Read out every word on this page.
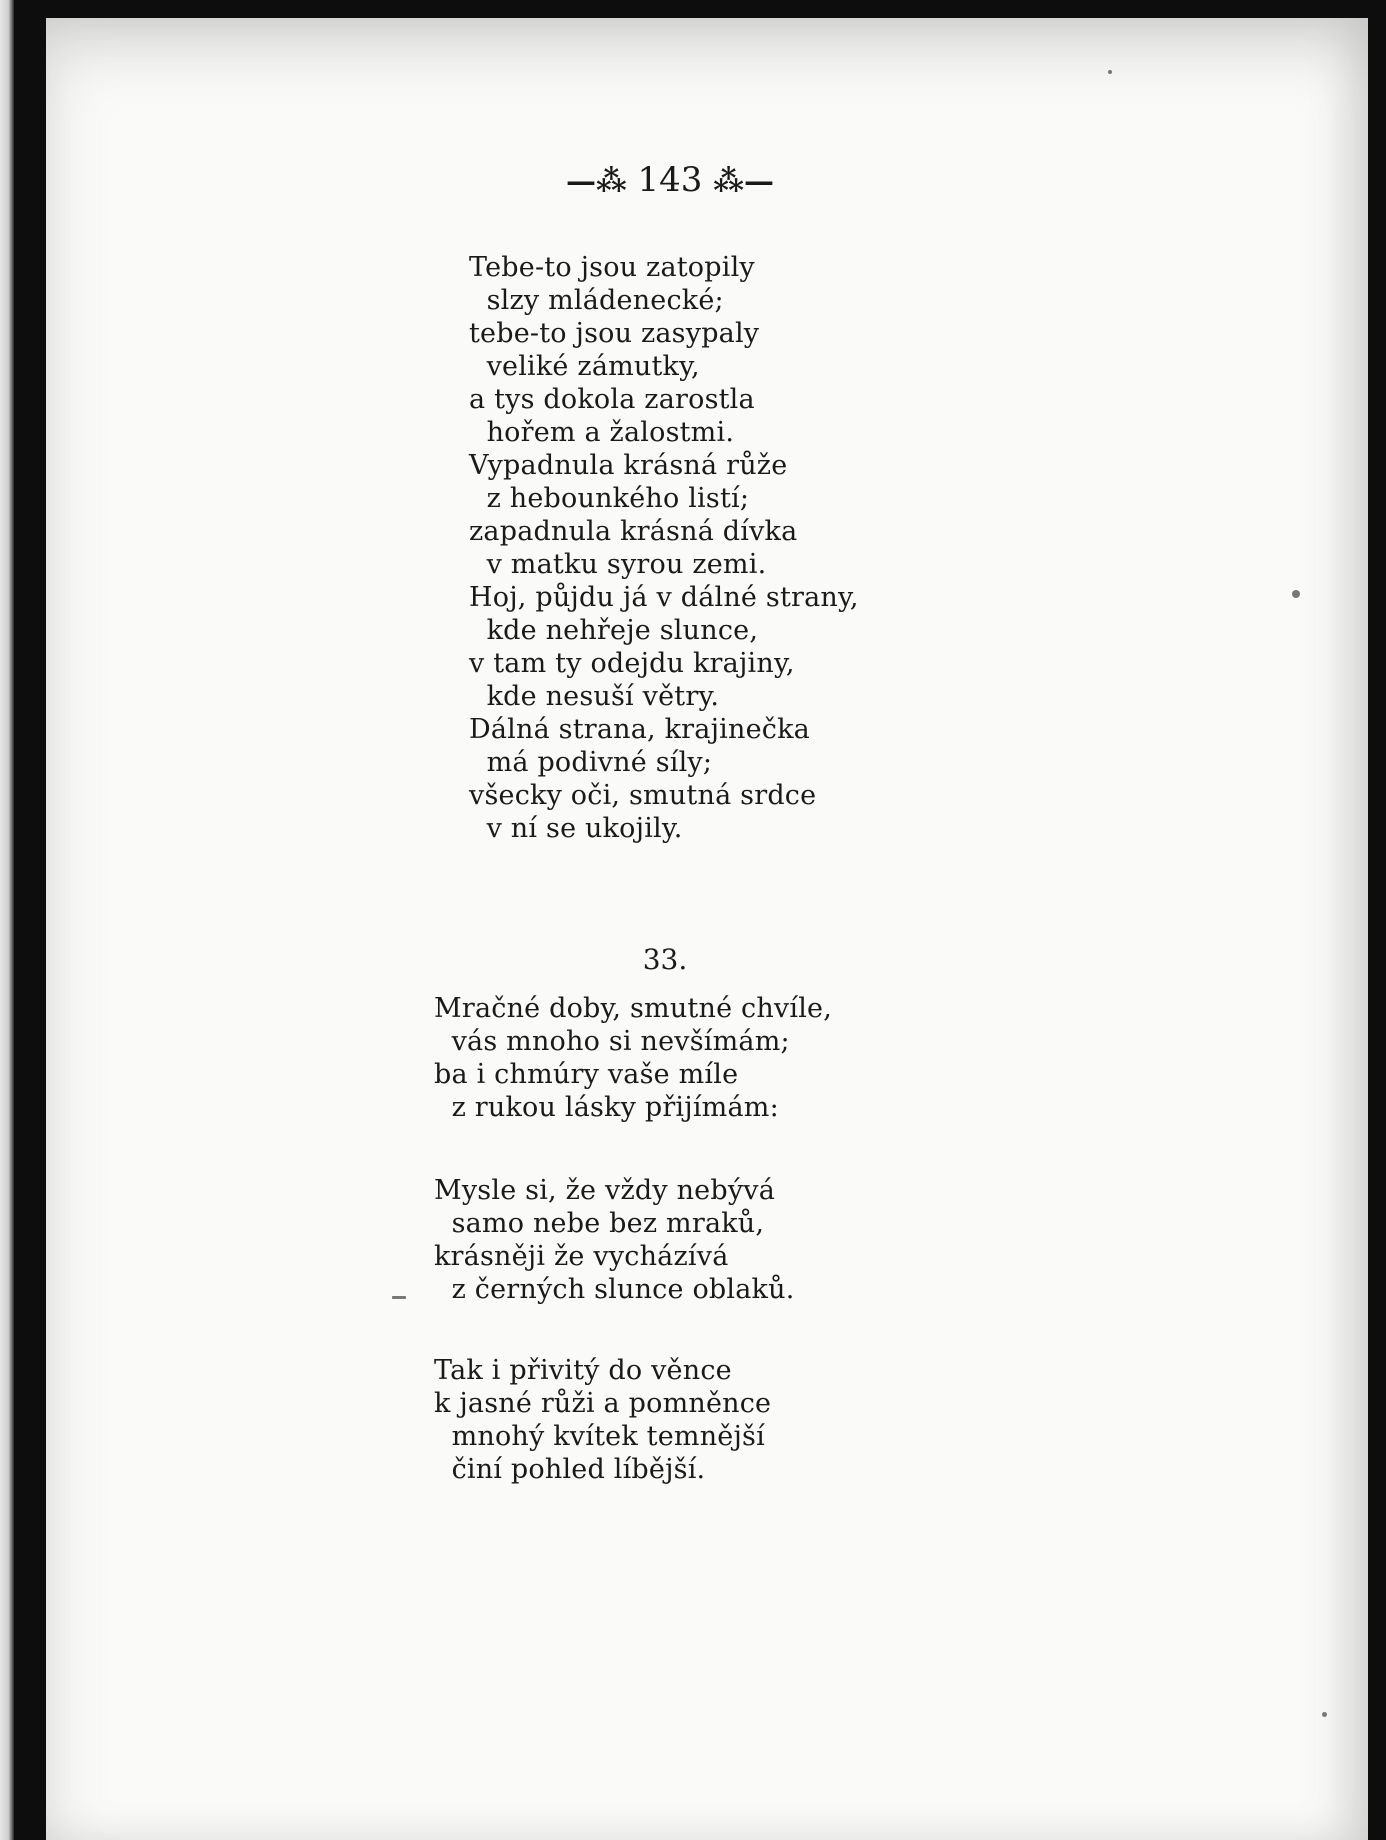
—⁂ 143 ⁂—
Tebe-to jsou zatopily
slzy mládenecké;
tebe-to jsou zasypaly
veliké zámutky,
a tys dokola zarostla
hořem a žalostmi.
Vypadnula krásná růže
z hebounkého listí;
zapadnula krásná dívka
v matku syrou zemi.
Hoj, půjdu já v dálné strany,
kde nehřeje slunce,
v tam ty odejdu krajiny,
kde nesuší větry.
Dálná strana, krajinečka
má podivné síly;
všecky oči, smutná srdce
v ní se ukojily.
33.
Mračné doby, smutné chvíle,
vás mnoho si nevšímám;
ba i chmúry vaše míle
z rukou lásky přijímám:
Mysle si, že vždy nebývá
samo nebe bez mraků,
krásněji že vycházívá
z černých slunce oblaků.
Tak i přivitý do věnce
k jasné růži a pomněnce
mnohý kvítek temnější
činí pohled líbější.
